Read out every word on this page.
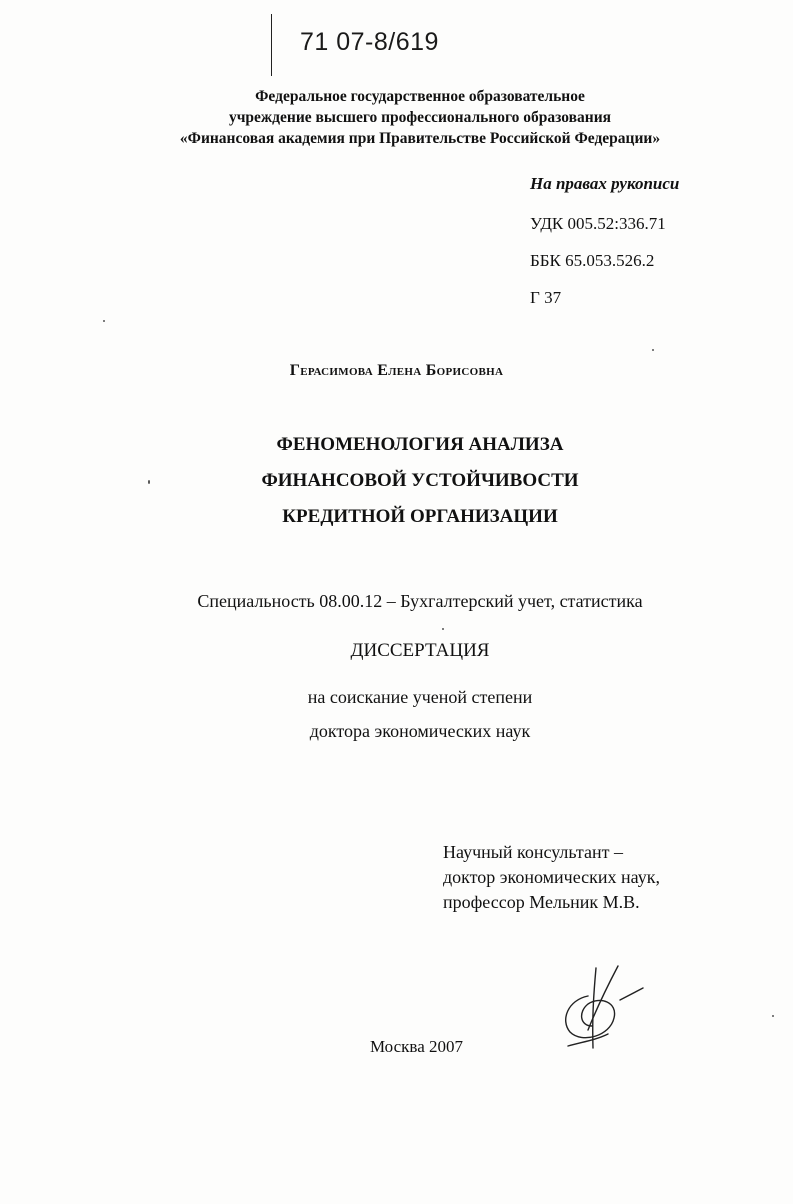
71 07-8/619
Федеральное государственное образовательное
учреждение высшего профессионального образования
«Финансовая академия при Правительстве Российской Федерации»
На правах рукописи
УДК 005.52:336.71
ББК 65.053.526.2
Г 37
Герасимова Елена Борисовна
ФЕНОМЕНОЛОГИЯ АНАЛИЗА
ФИНАНСОВОЙ УСТОЙЧИВОСТИ
КРЕДИТНОЙ ОРГАНИЗАЦИИ
Специальность 08.00.12 – Бухгалтерский учет, статистика
ДИССЕРТАЦИЯ
на соискание ученой степени
доктора экономических наук
Научный консультант –
доктор экономических наук,
профессор Мельник М.В.
Москва 2007
